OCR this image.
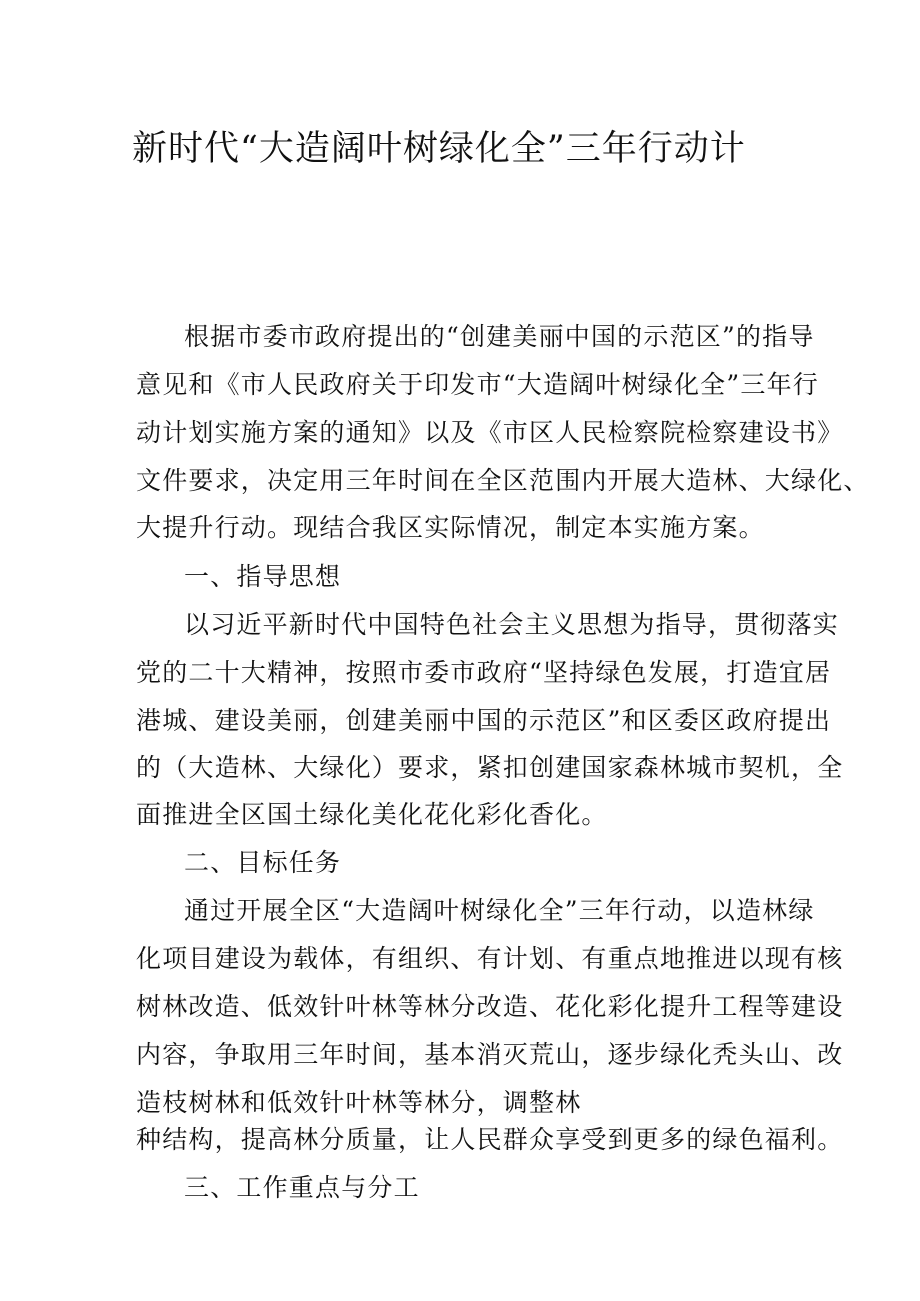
新时代“大造阔叶树绿化全”三年行动计
根据市委市政府提出的“创建美丽中国的示范区”的指导
意见和《市人民政府关于印发市“大造阔叶树绿化全”三年行
动计划实施方案的通知》以及《市区人民检察院检察建设书》
文件要求，决定用三年时间在全区范围内开展大造林、大绿化、
大提升行动。现结合我区实际情况，制定本实施方案。
一、指导思想
以习近平新时代中国特色社会主义思想为指导，贯彻落实
党的二十大精神，按照市委市政府“坚持绿色发展，打造宜居
港城、建设美丽，创建美丽中国的示范区”和区委区政府提出
的（大造林、大绿化）要求，紧扣创建国家森林城市契机，全
面推进全区国土绿化美化花化彩化香化。
二、目标任务
通过开展全区“大造阔叶树绿化全”三年行动，以造林绿
化项目建设为载体，有组织、有计划、有重点地推进以现有核
树林改造、低效针叶林等林分改造、花化彩化提升工程等建设
内容，争取用三年时间，基本消灭荒山，逐步绿化秃头山、改
造枝树林和低效针叶林等林分，调整林
种结构，提高林分质量，让人民群众享受到更多的绿色福利。
三、工作重点与分工
